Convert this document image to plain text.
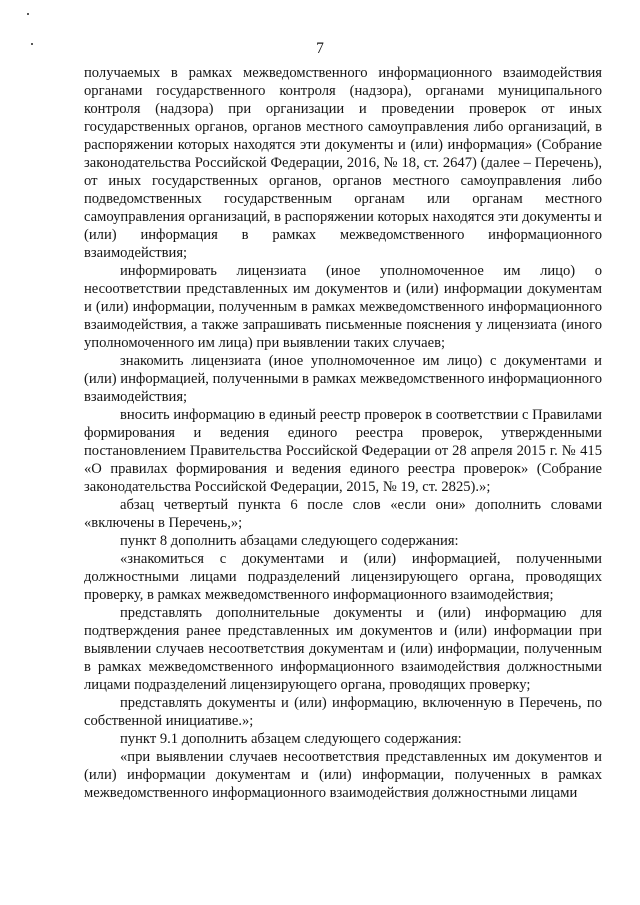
7

получаемых в рамках межведомственного информационного взаимодействия органами государственного контроля (надзора), органами муниципального контроля (надзора) при организации и проведении проверок от иных государственных органов, органов местного самоуправления либо организаций, в распоряжении которых находятся эти документы и (или) информация» (Собрание законодательства Российской Федерации, 2016, № 18, ст. 2647) (далее – Перечень), от иных государственных органов, органов местного самоуправления либо подведомственных государственным органам или органам местного самоуправления организаций, в распоряжении которых находятся эти документы и (или) информация в рамках межведомственного информационного взаимодействия;

информировать лицензиата (иное уполномоченное им лицо) о несоответствии представленных им документов и (или) информации документам и (или) информации, полученным в рамках межведомственного информационного взаимодействия, а также запрашивать письменные пояснения у лицензиата (иного уполномоченного им лица) при выявлении таких случаев;

знакомить лицензиата (иное уполномоченное им лицо) с документами и (или) информацией, полученными в рамках межведомственного информационного взаимодействия;

вносить информацию в единый реестр проверок в соответствии с Правилами формирования и ведения единого реестра проверок, утвержденными постановлением Правительства Российской Федерации от 28 апреля 2015 г. № 415 «О правилах формирования и ведения единого реестра проверок» (Собрание законодательства Российской Федерации, 2015, № 19, ст. 2825).»;

абзац четвертый пункта 6 после слов «если они» дополнить словами «включены в Перечень,»;

пункт 8 дополнить абзацами следующего содержания:

«знакомиться с документами и (или) информацией, полученными должностными лицами подразделений лицензирующего органа, проводящих проверку, в рамках межведомственного информационного взаимодействия;

представлять дополнительные документы и (или) информацию для подтверждения ранее представленных им документов и (или) информации при выявлении случаев несоответствия документам и (или) информации, полученным в рамках межведомственного информационного взаимодействия должностными лицами подразделений лицензирующего органа, проводящих проверку;

представлять документы и (или) информацию, включенную в Перечень, по собственной инициативе.»;

пункт 9.1 дополнить абзацем следующего содержания:

«при выявлении случаев несоответствия представленных им документов и (или) информации документам и (или) информации, полученных в рамках межведомственного информационного взаимодействия должностными лицами
